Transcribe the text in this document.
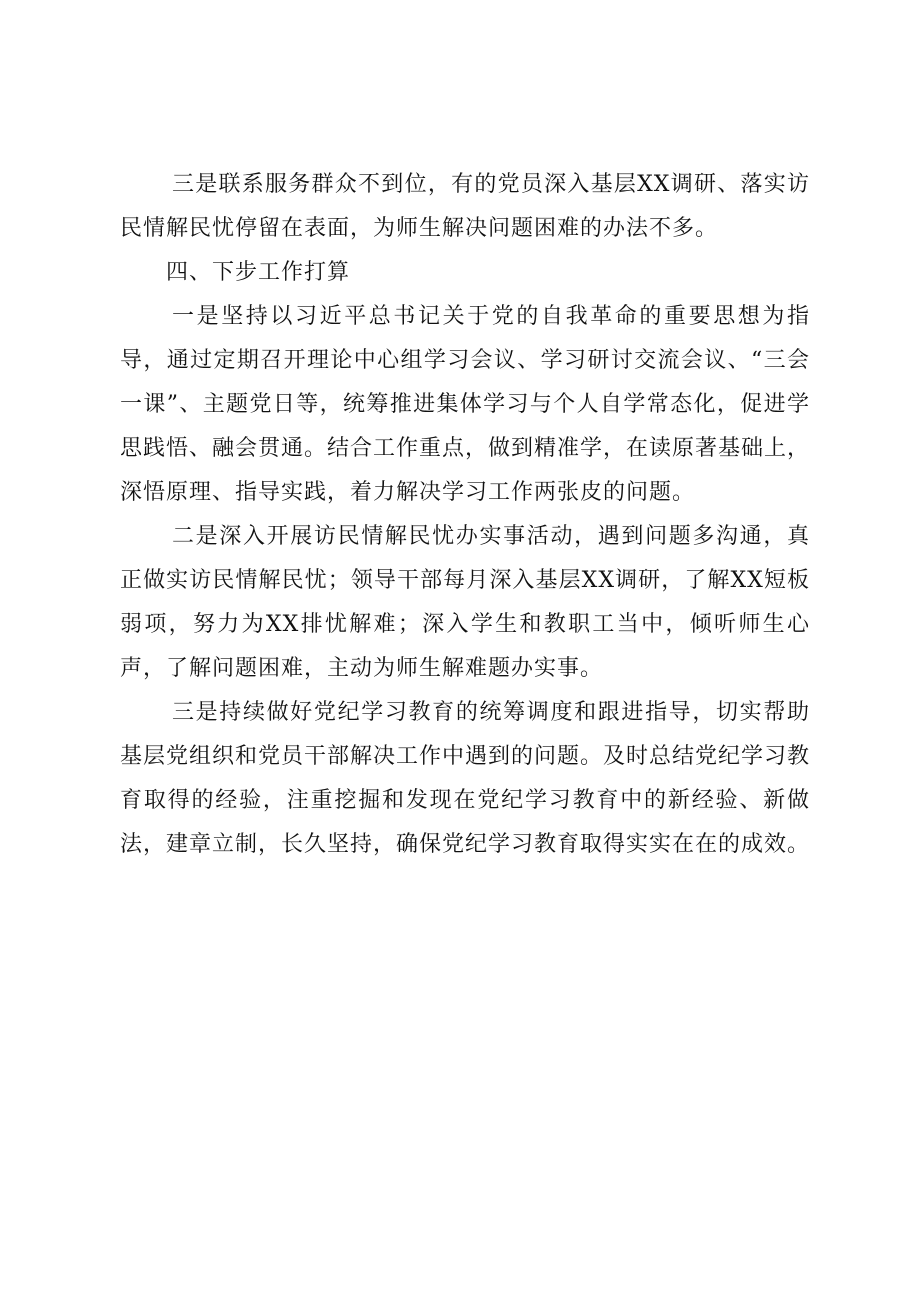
三是联系服务群众不到位，有的党员深入基层XX调研、落实访民情解民忧停留在表面，为师生解决问题困难的办法不多。

四、下步工作打算

一是坚持以习近平总书记关于党的自我革命的重要思想为指导，通过定期召开理论中心组学习会议、学习研讨交流会议、“三会一课”、主题党日等，统筹推进集体学习与个人自学常态化，促进学思践悟、融会贯通。结合工作重点，做到精准学，在读原著基础上，深悟原理、指导实践，着力解决学习工作两张皮的问题。

二是深入开展访民情解民忧办实事活动，遇到问题多沟通，真正做实访民情解民忧；领导干部每月深入基层XX调研，了解XX短板弱项，努力为XX排忧解难；深入学生和教职工当中，倾听师生心声，了解问题困难，主动为师生解难题办实事。

三是持续做好党纪学习教育的统筹调度和跟进指导，切实帮助基层党组织和党员干部解决工作中遇到的问题。及时总结党纪学习教育取得的经验，注重挖掘和发现在党纪学习教育中的新经验、新做法，建章立制，长久坚持，确保党纪学习教育取得实实在在的成效。
